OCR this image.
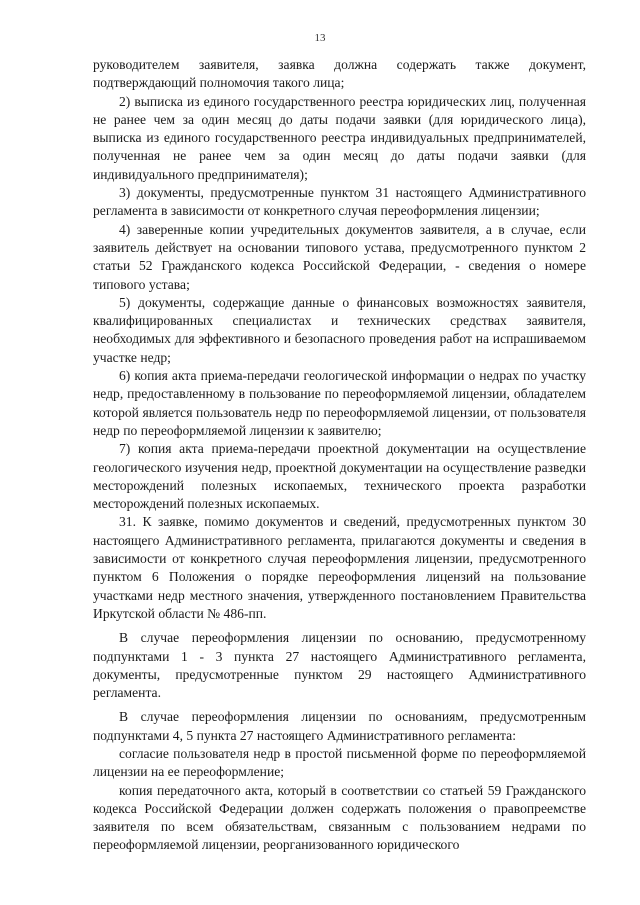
13

руководителем заявителя, заявка должна содержать также документ, подтверждающий полномочия такого лица;

2) выписка из единого государственного реестра юридических лиц, полученная не ранее чем за один месяц до даты подачи заявки (для юридического лица), выписка из единого государственного реестра индивидуальных предпринимателей, полученная не ранее чем за один месяц до даты подачи заявки (для индивидуального предпринимателя);

3) документы, предусмотренные пунктом 31 настоящего Административного регламента в зависимости от конкретного случая переоформления лицензии;

4) заверенные копии учредительных документов заявителя, а в случае, если заявитель действует на основании типового устава, предусмотренного пунктом 2 статьи 52 Гражданского кодекса Российской Федерации, - сведения о номере типового устава;

5) документы, содержащие данные о финансовых возможностях заявителя, квалифицированных специалистах и технических средствах заявителя, необходимых для эффективного и безопасного проведения работ на испрашиваемом участке недр;

6) копия акта приема-передачи геологической информации о недрах по участку недр, предоставленному в пользование по переоформляемой лицензии, обладателем которой является пользователь недр по переоформляемой лицензии, от пользователя недр по переоформляемой лицензии к заявителю;

7) копия акта приема-передачи проектной документации на осуществление геологического изучения недр, проектной документации на осуществление разведки месторождений полезных ископаемых, технического проекта разработки месторождений полезных ископаемых.

31. К заявке, помимо документов и сведений, предусмотренных пунктом 30 настоящего Административного регламента, прилагаются документы и сведения в зависимости от конкретного случая переоформления лицензии, предусмотренного пунктом 6 Положения о порядке переоформления лицензий на пользование участками недр местного значения, утвержденного постановлением Правительства Иркутской области № 486-пп.

В случае переоформления лицензии по основанию, предусмотренному подпунктами 1 - 3 пункта 27 настоящего Административного регламента, документы, предусмотренные пунктом 29 настоящего Административного регламента.

В случае переоформления лицензии по основаниям, предусмотренным подпунктами 4, 5 пункта 27 настоящего Административного регламента:

согласие пользователя недр в простой письменной форме по переоформляемой лицензии на ее переоформление;

копия передаточного акта, который в соответствии со статьей 59 Гражданского кодекса Российской Федерации должен содержать положения о правопреемстве заявителя по всем обязательствам, связанным с пользованием недрами по переоформляемой лицензии, реорганизованного юридического
